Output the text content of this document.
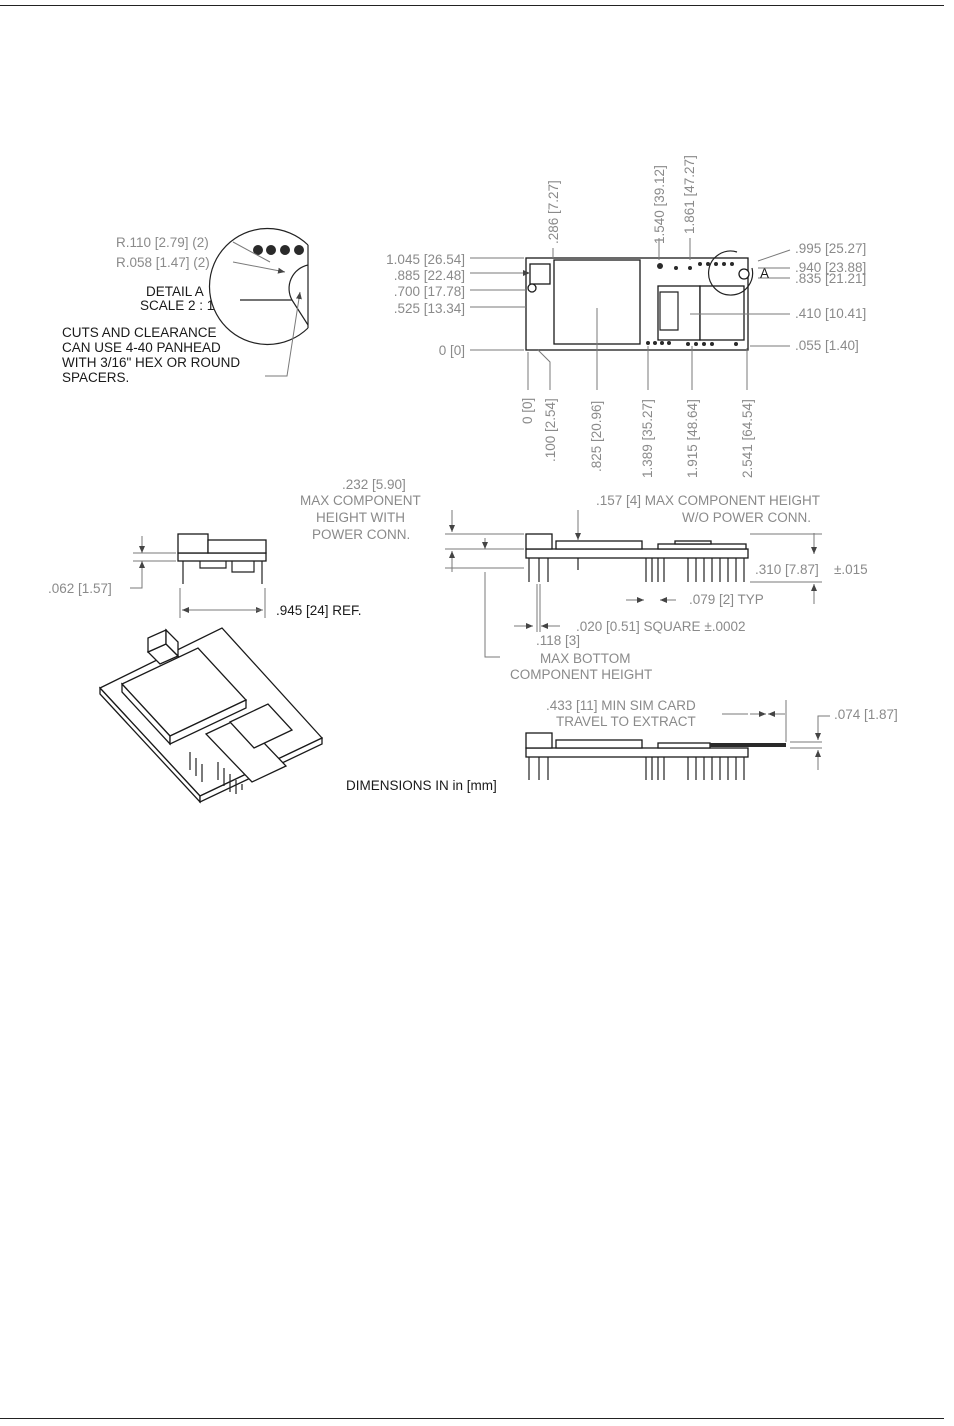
R.110 [2.79] (2)
R.058 [1.47] (2)
DETAIL A
SCALE 2 : 1
CUTS AND CLEARANCE
CAN USE 4-40 PANHEAD
WITH 3/16" HEX OR ROUND
SPACERS.
1.045 [26.54]
.885 [22.48]
.700 [17.78]
.525 [13.34]
0 [0]
.286 [7.27]	1.540 [39.12] 1.861 [47.27]
.995 [25.27]
.940 [23.88]
.835 [21.21]
.410 [10.41]
.055 [1.40]
A
0 [0] .100 [2.54] .825 [20.96]	1.389 [35.27] 1.915 [48.64]	2.541 [64.54]
.062 [1.57]
.945 [24] REF.
.232 [5.90]
MAX COMPONENT
HEIGHT WITH
POWER CONN.
.157 [4] MAX COMPONENT HEIGHT
W/O POWER CONN.
.310 [7.87] ±.015
.079 [2] TYP
.020 [0.51] SQUARE ±.0002
.118 [3]
MAX BOTTOM
COMPONENT HEIGHT
.433 [11] MIN SIM CARD
TRAVEL TO EXTRACT	.074 [1.87]
DIMENSIONS IN in [mm]
